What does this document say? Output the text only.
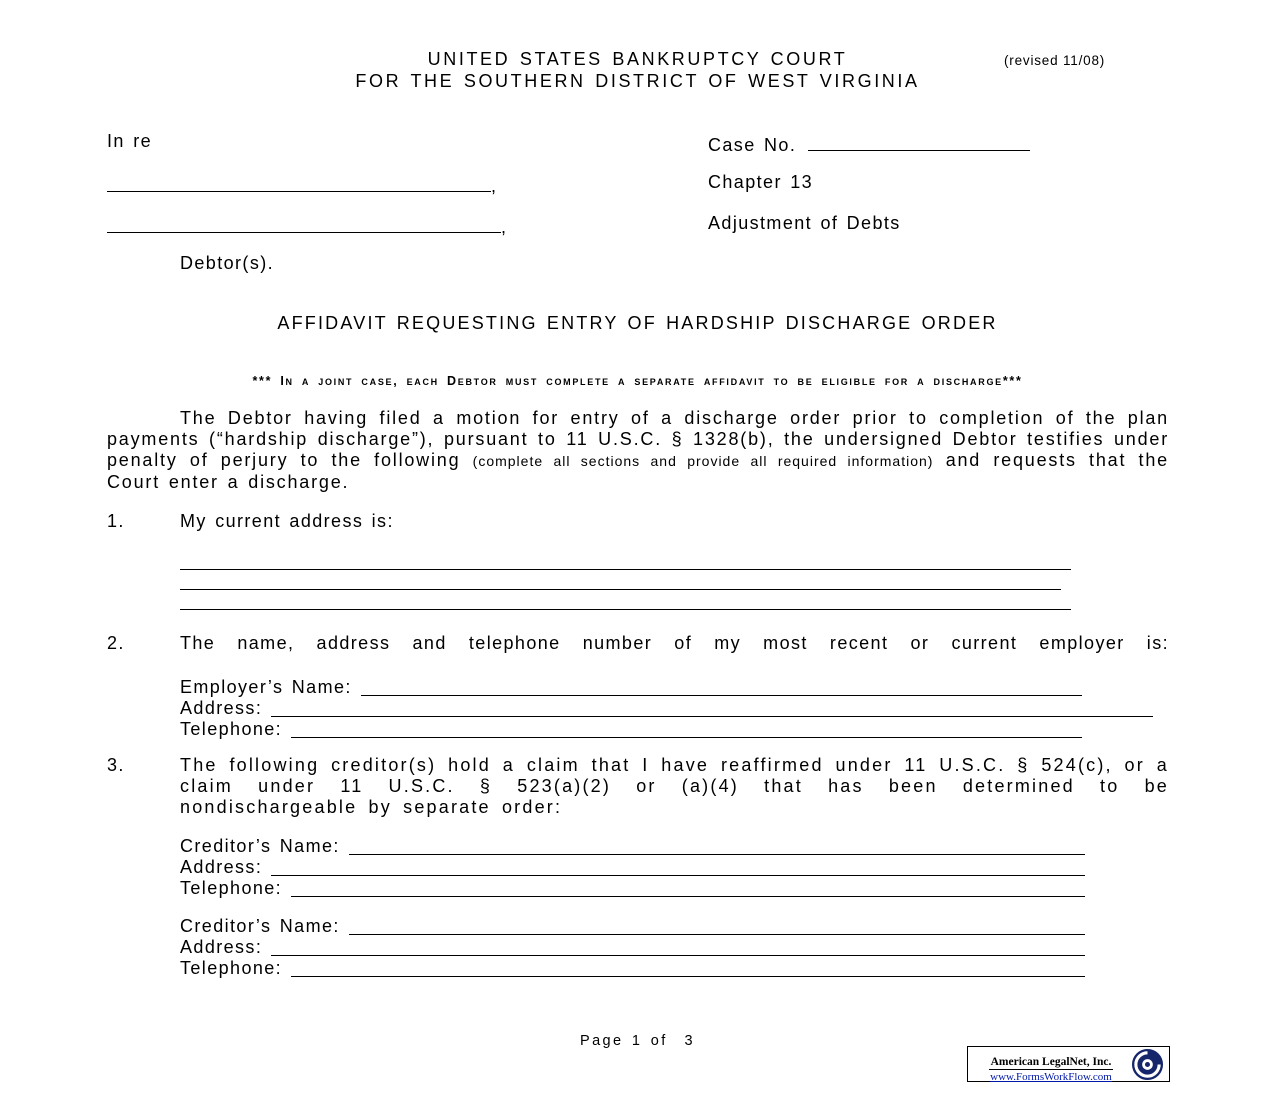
UNITED STATES BANKRUPTCY COURT
FOR THE SOUTHERN DISTRICT OF WEST VIRGINIA
(revised 11/08)
In re	Case No.
,	Chapter 13
,	Adjustment of Debts
Debtor(s).
AFFIDAVIT REQUESTING ENTRY OF HARDSHIP DISCHARGE ORDER
*** In a joint case, each Debtor must complete a separate affidavit to be eligible for a discharge***
The Debtor having filed a motion for entry of a discharge order prior to completion of the plan payments (“hardship discharge”), pursuant to 11 U.S.C. § 1328(b), the undersigned Debtor testifies under penalty of perjury to the following (complete all sections and provide all required information) and requests that the Court enter a discharge.
1.	My current address is:
2.	The name, address and telephone number of my most recent or current employer is:
Employer’s Name:
Address:
Telephone:
3.	The following creditor(s) hold a claim that I have reaffirmed under 11 U.S.C. § 524(c), or a claim under 11 U.S.C. § 523(a)(2) or (a)(4) that has been determined to be nondischargeable by separate order:
Creditor’s Name:
Address:
Telephone:
Creditor’s Name:
Address:
Telephone:
Page 1 of  3
American LegalNet, Inc.
www.FormsWorkFlow.com
